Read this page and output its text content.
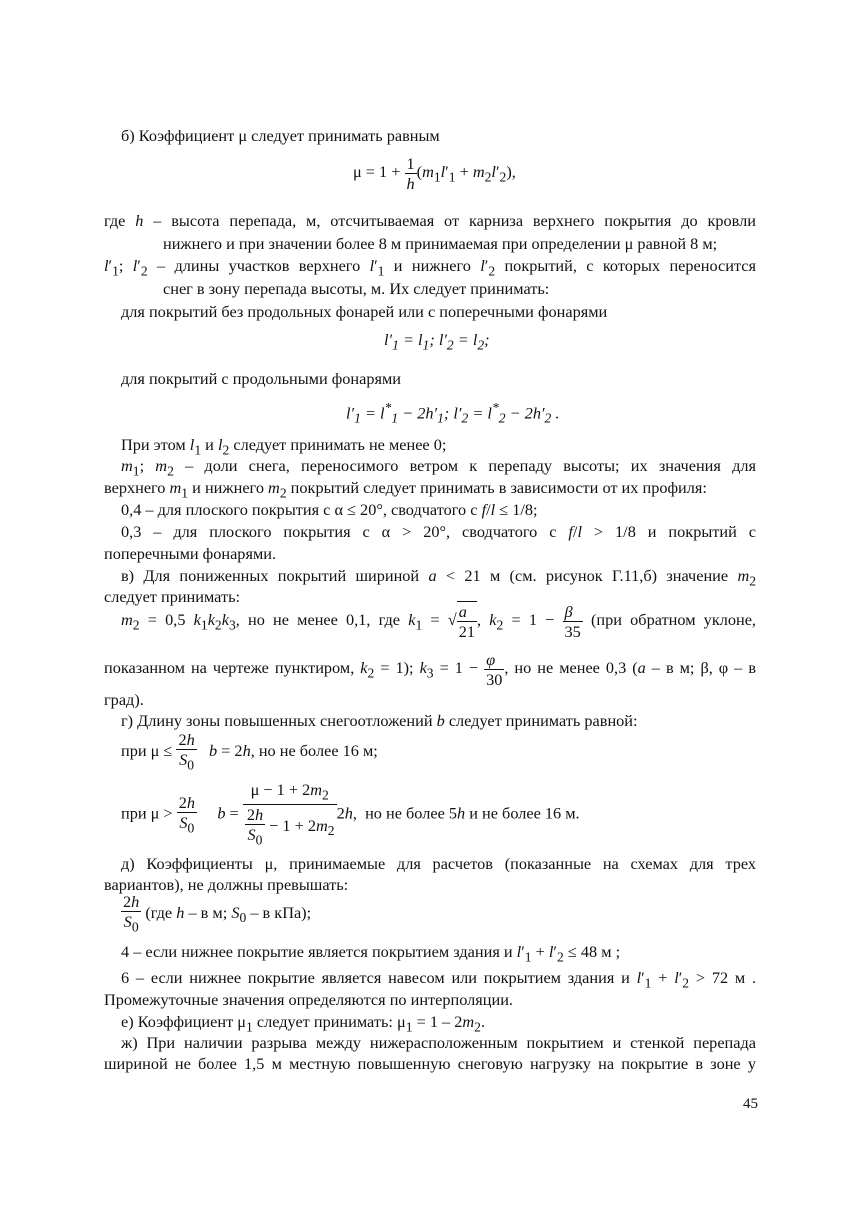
б) Коэффициент μ следует принимать равным
$\mu = 1 + \frac{1}{h} (m_1l'_1 + m_2l'_2)$,
где h – высота перепада, м, отсчитываемая от карниза верхнего покрытия до кровли
нижнего и при значении более 8 м принимаемая при определении μ равной 8 м;
$l'_1$; $l'_2$ – длины участков верхнего $l'_1$ и нижнего $l'_2$ покрытий, с которых переносится
снег в зону перепада высоты, м. Их следует принимать:
для покрытий без продольных фонарей или с поперечными фонарями
$l'_1 = l_1$; $l'_2 = l_2$;
для покрытий с продольными фонарями
$l'_1 = l^*_1 - 2h'_1$; $l'_2 = l^*_2 - 2h'_2$ .
При этом $l_1$ и $l_2$ следует принимать не менее 0;
$m_1$; $m_2$ – доли снега, переносимого ветром к перепаду высоты; их значения для
верхнего $m_1$ и нижнего $m_2$ покрытий следует принимать в зависимости от их профиля:
0,4 – для плоского покрытия с α ≤ 20°, сводчатого с f/l ≤ 1/8;
0,3 – для плоского покрытия с α > 20°, сводчатого с f/l > 1/8 и покрытий с
поперечными фонарями.
в) Для пониженных покрытий шириной a < 21 м (см. рисунок Г.11,б) значение $m_2$
следует принимать:
$m_2 = 0,5$ $k_1k_2k_3$, но не менее 0,1, где $k_1$ = √ $\frac{a}{21}$ , $k_2 = 1 - \frac{\beta}{35} (при$ обратном уклоне,
показанном на чертеже пунктиром, $k_2 = 1$); $k_3 = 1 - \frac{\varphi}{30}$ , но не менее 0,3 (a – в м; β, φ – в
град).
г) Длину зоны повышенных снегоотложений b следует принимать равной:
при $\mu \le \frac{2h}{S_0}$ b = 2h, но не более 16 м;
при $\mu > \frac{2h}{S_0}$ $b = \frac{\mu - 1 + 2m_2}{\frac{2h}{S_0} - 1 + 2m_2} 2h$,  но не более 5h и не более 16 м.
д) Коэффициенты μ, принимаемые для расчетов (показанные на схемах для трех
вариантов), не должны превышать:
$\frac{2h}{S_0} (где$ h – в м; $S_0$ – в кПа);
4 – если нижнее покрытие является покрытием здания и $l'_1 + l'_2 \le 48$ м ;
6 – если нижнее покрытие является навесом или покрытием здания и $l'_1 + l'_2 > 72$ м .
Промежуточные значения определяются по интерполяции.
е) Коэффициент $\mu_1$ следует принимать: $\mu_1 = 1 - 2m_2$.
ж) При наличии разрыва между нижерасположенным покрытием и стенкой перепада
шириной не более 1,5 м местную повышенную снеговую нагрузку на покрытие в зоне у
45
